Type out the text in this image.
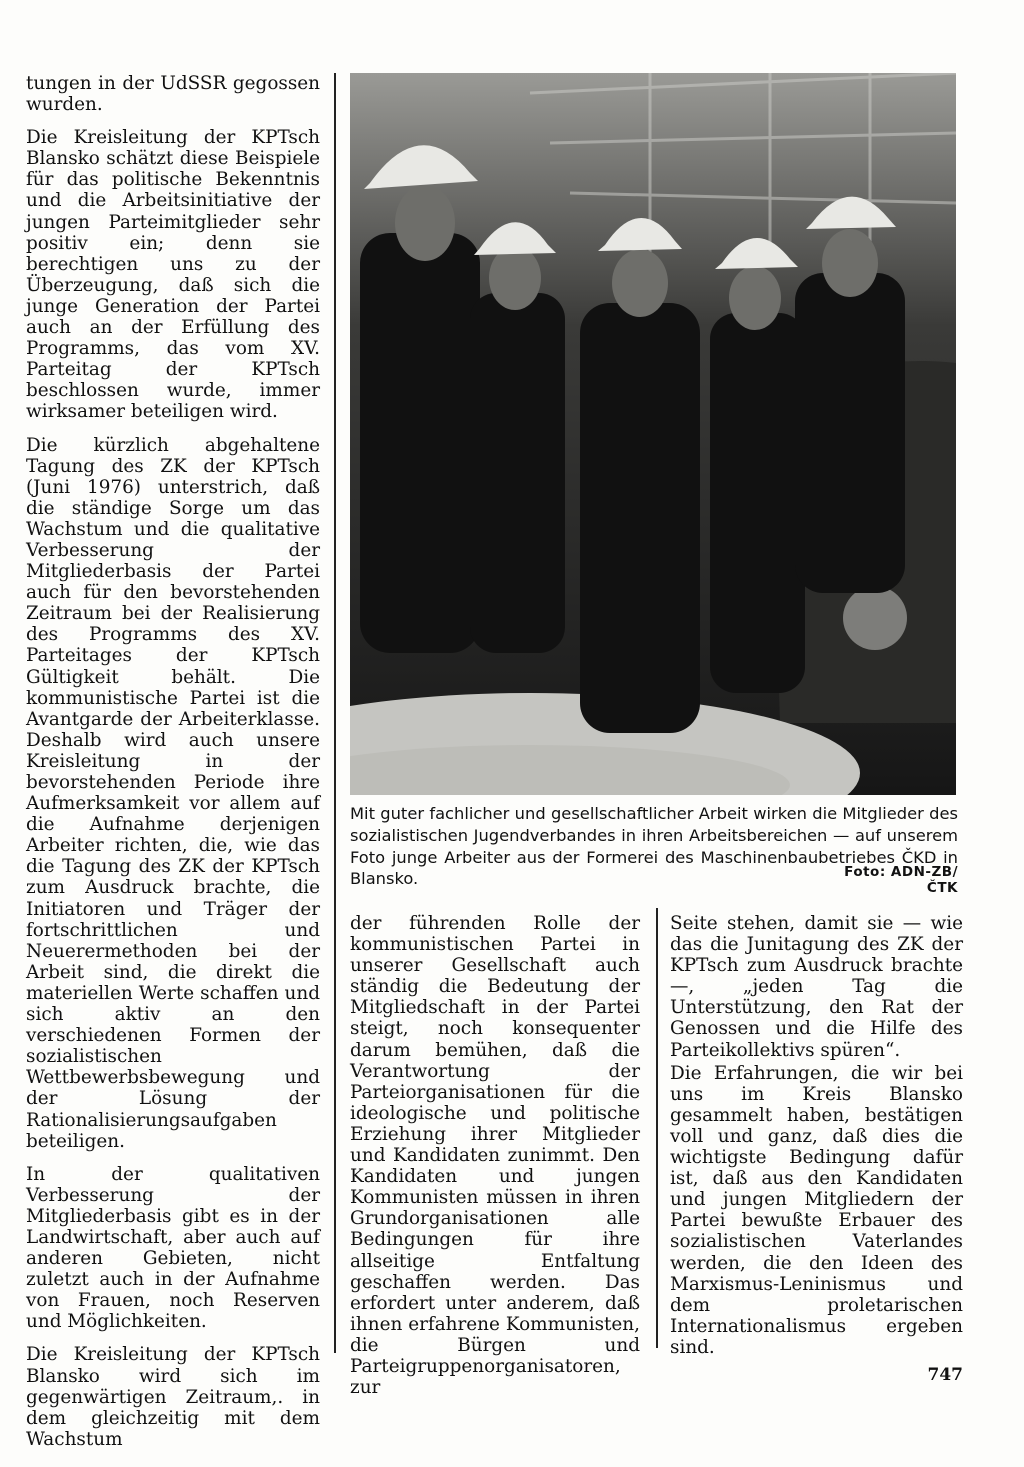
tungen in der UdSSR gegossen wurden.

Die Kreisleitung der KPTsch Blansko schätzt diese Beispiele für das politische Bekenntnis und die Arbeitsinitiative der jungen Parteimitglieder sehr positiv ein; denn sie berechtigen uns zu der Überzeugung, daß sich die junge Generation der Partei auch an der Erfüllung des Programms, das vom XV. Parteitag der KPTsch beschlossen wurde, immer wirksamer beteiligen wird.

Die kürzlich abgehaltene Tagung des ZK der KPTsch (Juni 1976) unterstrich, daß die ständige Sorge um das Wachstum und die qualitative Verbesserung der Mitgliederbasis der Partei auch für den bevorstehenden Zeitraum bei der Realisierung des Programms des XV. Parteitages der KPTsch Gültigkeit behält. Die kommunistische Partei ist die Avantgarde der Arbeiterklasse. Deshalb wird auch unsere Kreisleitung in der bevorstehenden Periode ihre Aufmerksamkeit vor allem auf die Aufnahme derjenigen Arbeiter richten, die, wie das die Tagung des ZK der KPTsch zum Ausdruck brachte, die Initiatoren und Träger der fortschrittlichen und Neuerermethoden bei der Arbeit sind, die direkt die materiellen Werte schaffen und sich aktiv an den verschiedenen Formen der sozialistischen Wettbewerbsbewegung und der Lösung der Rationalisierungsaufgaben beteiligen.

In der qualitativen Verbesserung der Mitgliederbasis gibt es in der Landwirtschaft, aber auch auf anderen Gebieten, nicht zuletzt auch in der Aufnahme von Frauen, noch Reserven und Möglichkeiten.

Die Kreisleitung der KPTsch Blansko wird sich im gegenwärtigen Zeitraum,. in dem gleichzeitig mit dem Wachstum

Mit guter fachlicher und gesellschaftlicher Arbeit wirken die Mitglieder des sozialistischen Jugendverbandes in ihren Arbeitsbereichen — auf unserem Foto junge Arbeiter aus der Formerei des Maschinenbaubetriebes ČKD in Blansko.	Foto: ADN-ZB/ČTK

der führenden Rolle der kommunistischen Partei in unserer Gesellschaft auch ständig die Bedeutung der Mitgliedschaft in der Partei steigt, noch konsequenter darum bemühen, daß die Verantwortung der Parteiorganisationen für die ideologische und politische Erziehung ihrer Mitglieder und Kandidaten zunimmt. Den Kandidaten und jungen Kommunisten müssen in ihren Grundorganisationen alle Bedingungen für ihre allseitige Entfaltung geschaffen werden. Das erfordert unter anderem, daß ihnen erfahrene Kommunisten, die Bürgen und Parteigruppenorganisatoren, zur

Seite stehen, damit sie — wie das die Junitagung des ZK der KPTsch zum Ausdruck brachte —, „jeden Tag die Unterstützung, den Rat der Genossen und die Hilfe des Parteikollektivs spüren“.

Die Erfahrungen, die wir bei uns im Kreis Blansko gesammelt haben, bestätigen voll und ganz, daß dies die wichtigste Bedingung dafür ist, daß aus den Kandidaten und jungen Mitgliedern der Partei bewußte Erbauer des sozialistischen Vaterlandes werden, die den Ideen des Marxismus-Leninismus und dem proletarischen Internationalismus ergeben sind.

747
